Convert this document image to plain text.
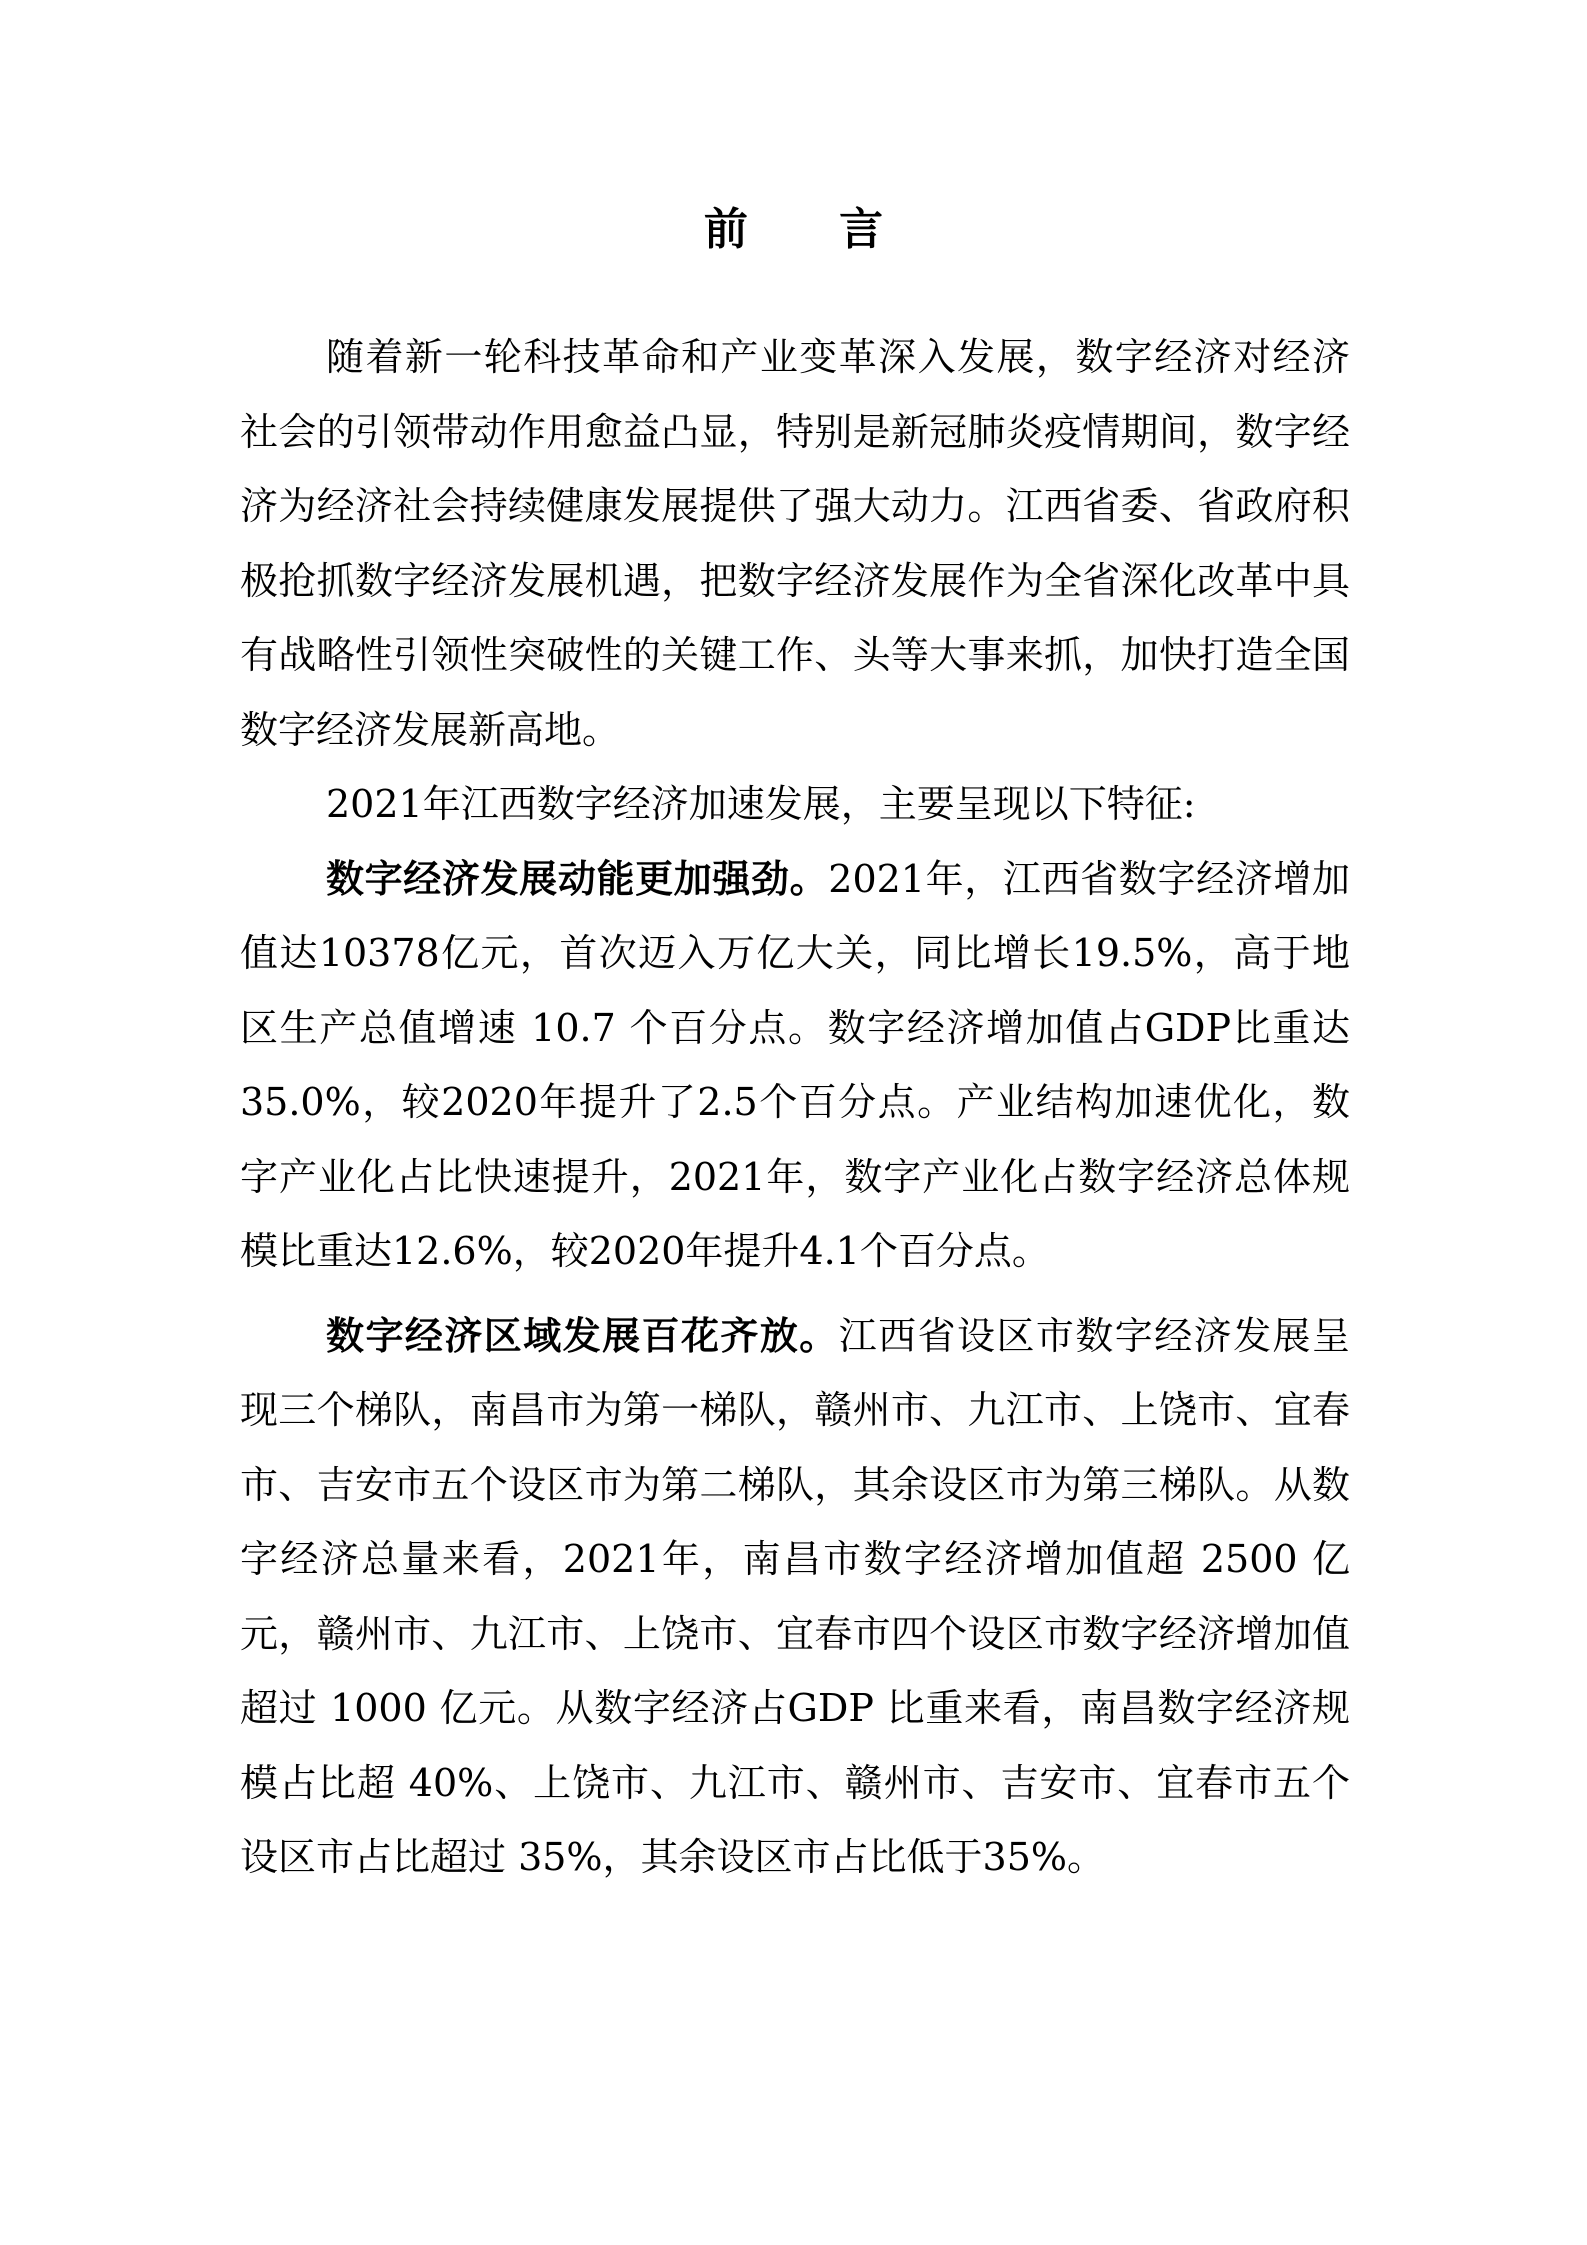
前 言

随着新一轮科技革命和产业变革深入发展，数字经济对经济社会的引领带动作用愈益凸显，特别是新冠肺炎疫情期间，数字经济为经济社会持续健康发展提供了强大动力。江西省委、省政府积极抢抓数字经济发展机遇，把数字经济发展作为全省深化改革中具有战略性引领性突破性的关键工作、头等大事来抓，加快打造全国数字经济发展新高地。

2021年江西数字经济加速发展，主要呈现以下特征:

数字经济发展动能更加强劲。2021年，江西省数字经济增加值达10378亿元，首次迈入万亿大关，同比增长19.5%，高于地区生产总值增速 10.7 个百分点。数字经济增加值占GDP比重达35.0%，较2020年提升了2.5个百分点。产业结构加速优化，数字产业化占比快速提升，2021年，数字产业化占数字经济总体规模比重达12.6%，较2020年提升4.1个百分点。

数字经济区域发展百花齐放。江西省设区市数字经济发展呈现三个梯队，南昌市为第一梯队，赣州市、九江市、上饶市、宜春市、吉安市五个设区市为第二梯队，其余设区市为第三梯队。从数字经济总量来看，2021年，南昌市数字经济增加值超 2500 亿元，赣州市、九江市、上饶市、宜春市四个设区市数字经济增加值超过 1000 亿元。从数字经济占GDP 比重来看，南昌数字经济规模占比超 40%、上饶市、九江市、赣州市、吉安市、宜春市五个设区市占比超过 35%，其余设区市占比低于35%。
